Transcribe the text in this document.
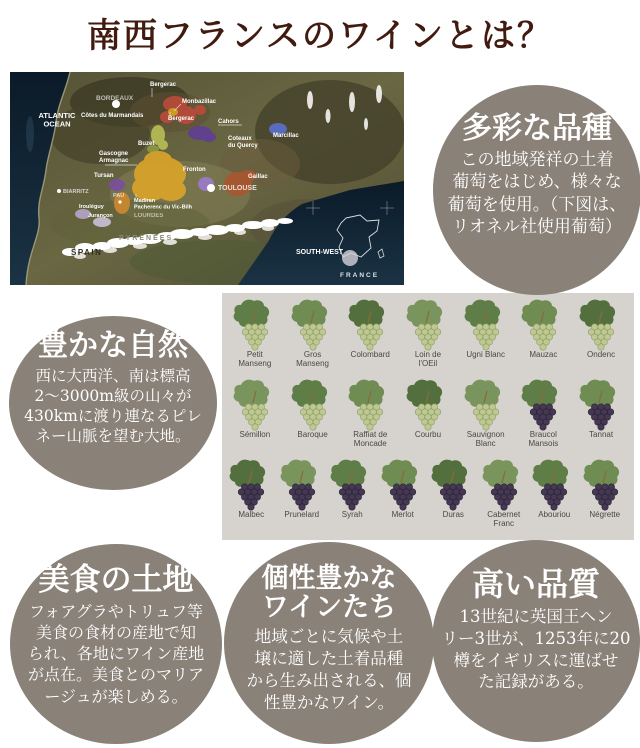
南西フランスのワインとは？
ATLANTIC OCEAN
BORDEAUX
Bergerac
Monbazillac
Bergerac
Côtes du Marmandais
Cahors
Coteaux du Quercy
Marcillac
Buzet
Gascogne Armagnac
Fronton
Gaillac
TOULOUSE
Tursan
BIARRITZ
PAU
Madiran Pacherenc du Vic-Bilh
Irouléguy
Jurançon	LOURDES
PYRÉNÉES
SPAIN	SOUTH-WEST
FRANCE
Petit
Manseng
Gros
Manseng
Colombard	Loin de
l'OEil
Ugni Blanc	Mauzac	Ondenc
Sémillon	Baroque	Raffiat de
Moncade
Courbu	Sauvignon
Blanc
Braucol
Mansois
Tannat
Malbec	Prunelard	Syrah	Merlot	Duras	Cabernet
Franc
Abouriou Négrette
多彩な品種
この地域発祥の土着
葡萄をはじめ、様々な
葡萄を使用。（下図は、
リオネル社使用葡萄）
豊かな自然
西に大西洋、南は標高
2～3000m級の山々が
430kmに渡り連なるピレ
ネー山脈を望む大地。
美食の土地
フォアグラやトリュフ等
美食の食材の産地で知
られ、各地にワイン産地
が点在。美食とのマリア
ージュが楽しめる。
個性豊かな
ワインたち
地域ごとに気候や土
壌に適した土着品種
から生み出される、個
性豊かなワイン。
高い品質
13世紀に英国王ヘン
リー3世が、1253年に20
樽をイギリスに運ばせ
た記録がある。
